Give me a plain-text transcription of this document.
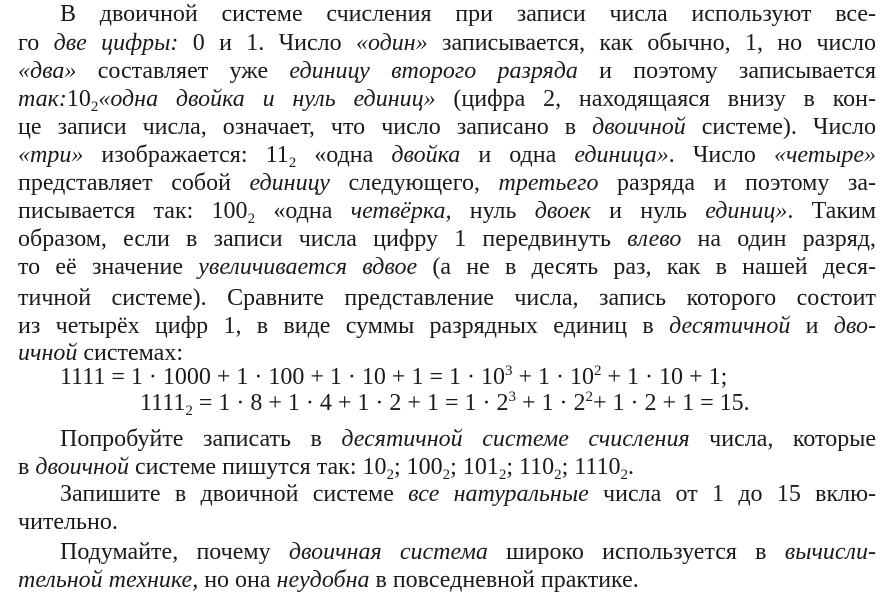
В двоичной системе счисления при записи числа используют все-
го две цифры: 0 и 1. Число «один» записывается, как обычно, 1, но число
«два» составляет уже единицу второго разряда и поэтому записывается
$так:10_2«одна$ двойка и нуль единиц» (цифра 2, находящаяся внизу в кон-
це записи числа, означает, что число записано в двоичной системе). Число
«три» изображается: $11_2$ «одна двойка и одна единица». Число «четыре»
представляет собой единицу следующего, третьего разряда и поэтому за-
писывается так: $100_2$ «одна четвёрка, нуль двоек и нуль единиц». Таким
образом, если в записи числа цифру 1 передвинуть влево на один разряд,
то её значение увеличивается вдвое (а не в десять раз, как в нашей деся-
тичной системе). Сравните представление числа, запись которого состоит
из четырёх цифр 1, в виде суммы разрядных единиц в десятичной и дво-
ичной системах:
$1111 = 1 \cdot 1000 + 1 \cdot 100 + 1 \cdot 10 + 1 = 1 \cdot 10^3 + 1 \cdot 10^2 + 1 \cdot 10 + 1$;
$1111_2 = 1 \cdot 8 + 1 \cdot 4 + 1 \cdot 2 + 1 = 1 \cdot 2^3 + 1 \cdot 2^2+ 1 \cdot 2 + 1 = 15$.
Попробуйте записать в десятичной системе счисления числа, которые
в двоичной системе пишутся так: $10_2$; $100_2$; $101_2$; $110_2$; $1110_2$.
Запишите в двоичной системе все натуральные числа от 1 до 15 вклю-
чительно.
Подумайте, почему двоичная система широко используется в вычисли-
тельной технике, но она неудобна в повседневной практике.
